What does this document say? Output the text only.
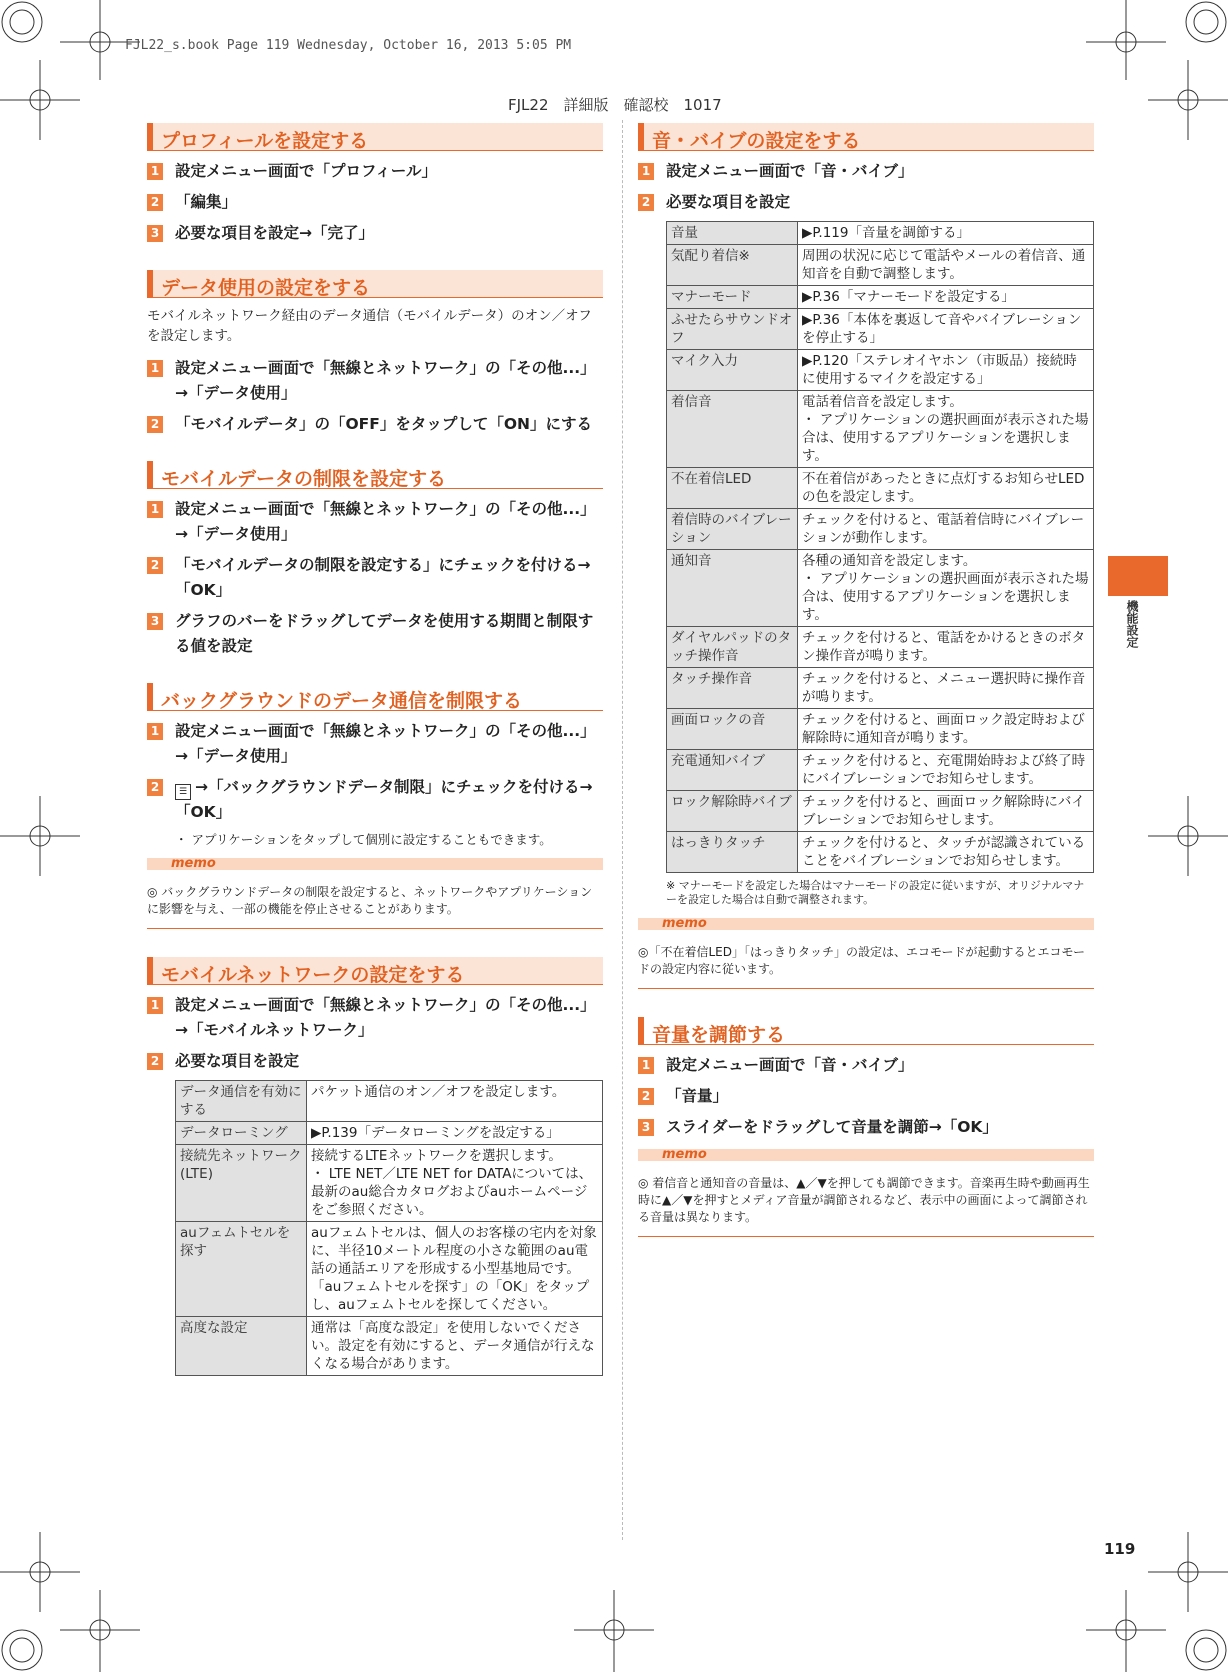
FJL22_s.book Page 119 Wednesday, October 16, 2013 5:05 PM
FJL22　詳細版　確認校　1017
プロフィールを設定する
1 設定メニュー画面で「プロフィール」
2 「編集」
3 必要な項目を設定→「完了」
データ使用の設定をする
モバイルネットワーク経由のデータ通信（モバイルデータ）のオン／オフを設定します。
1 設定メニュー画面で「無線とネットワーク」の「その他...」→「データ使用」
2 「モバイルデータ」の「OFF」をタップして「ON」にする
モバイルデータの制限を設定する
1 設定メニュー画面で「無線とネットワーク」の「その他...」→「データ使用」
2 「モバイルデータの制限を設定する」にチェックを付ける→「OK」
3 グラフのバーをドラッグしてデータを使用する期間と制限する値を設定
バックグラウンドのデータ通信を制限する
1 設定メニュー画面で「無線とネットワーク」の「その他...」→「データ使用」
2	☰ →「バックグラウンドデータ制限」にチェックを付ける→「OK」
・ アプリケーションをタップして個別に設定することもできます。
memo
◎ バックグラウンドデータの制限を設定すると、ネットワークやアプリケーションに影響を与え、一部の機能を停止させることがあります。
モバイルネットワークの設定をする
1 設定メニュー画面で「無線とネットワーク」の「その他...」→「モバイルネットワーク」
2 必要な項目を設定
データ通信を有効にする	パケット通信のオン／オフを設定します。
データローミング	▶P.139「データローミングを設定する」
接続先ネットワーク(LTE)	接続するLTEネットワークを選択します。
・ LTE NET／LTE NET for DATAについては、最新のau総合カタログおよびauホームページをご参照ください。
auフェムトセルを探す	auフェムトセルは、個人のお客様の宅内を対象に、半径10メートル程度の小さな範囲のau電話の通話エリアを形成する小型基地局です。「auフェムトセルを探す」の「OK」をタップし、auフェムトセルを探してください。
高度な設定	通常は「高度な設定」を使用しないでください。設定を有効にすると、データ通信が行えなくなる場合があります。
音・バイブの設定をする
1 設定メニュー画面で「音・バイブ」
2 必要な項目を設定
音量	▶P.119「音量を調節する」
気配り着信※	周囲の状況に応じて電話やメールの着信音、通知音を自動で調整します。
マナーモード	▶P.36「マナーモードを設定する」
ふせたらサウンドオフ	▶P.36「本体を裏返して音やバイブレーションを停止する」
マイク入力	▶P.120「ステレオイヤホン（市販品）接続時に使用するマイクを設定する」
着信音	電話着信音を設定します。
・ アプリケーションの選択画面が表示された場合は、使用するアプリケーションを選択します。
不在着信LED	不在着信があったときに点灯するお知らせLEDの色を設定します。
着信時のバイブレーション	チェックを付けると、電話着信時にバイブレーションが動作します。
通知音	各種の通知音を設定します。
・ アプリケーションの選択画面が表示された場合は、使用するアプリケーションを選択します。
ダイヤルパッドのタッチ操作音	チェックを付けると、電話をかけるときのボタン操作音が鳴ります。
タッチ操作音	チェックを付けると、メニュー選択時に操作音が鳴ります。
画面ロックの音	チェックを付けると、画面ロック設定時および解除時に通知音が鳴ります。
充電通知バイブ	チェックを付けると、充電開始時および終了時にバイブレーションでお知らせします。
ロック解除時バイブ	チェックを付けると、画面ロック解除時にバイブレーションでお知らせします。
はっきりタッチ	チェックを付けると、タッチが認識されていることをバイブレーションでお知らせします。
※ マナーモードを設定した場合はマナーモードの設定に従いますが、オリジナルマナーを設定した場合は自動で調整されます。
memo
◎「不在着信LED」「はっきりタッチ」の設定は、エコモードが起動するとエコモードの設定内容に従います。
音量を調節する
1 設定メニュー画面で「音・バイブ」
2 「音量」
3 スライダーをドラッグして音量を調節→「OK」
memo
◎ 着信音と通知音の音量は、▲／▼を押しても調節できます。音楽再生時や動画再生時に▲／▼を押すとメディア音量が調節されるなど、表示中の画面によって調節される音量は異なります。
機能設定
119
